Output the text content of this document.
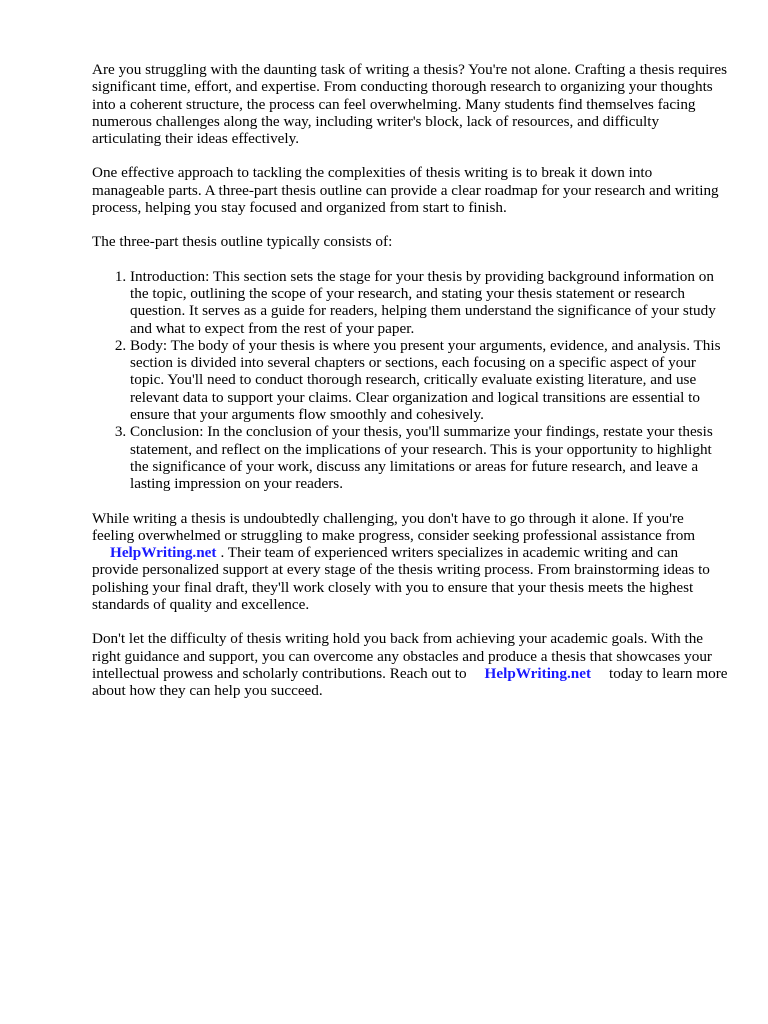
Are you struggling with the daunting task of writing a thesis? You're not alone. Crafting a thesis requires significant time, effort, and expertise. From conducting thorough research to organizing your thoughts into a coherent structure, the process can feel overwhelming. Many students find themselves facing numerous challenges along the way, including writer's block, lack of resources, and difficulty articulating their ideas effectively.

One effective approach to tackling the complexities of thesis writing is to break it down into manageable parts. A three-part thesis outline can provide a clear roadmap for your research and writing process, helping you stay focused and organized from start to finish.

The three-part thesis outline typically consists of:

1. Introduction: This section sets the stage for your thesis by providing background information on the topic, outlining the scope of your research, and stating your thesis statement or research question. It serves as a guide for readers, helping them understand the significance of your study and what to expect from the rest of your paper.
2. Body: The body of your thesis is where you present your arguments, evidence, and analysis. This section is divided into several chapters or sections, each focusing on a specific aspect of your topic. You'll need to conduct thorough research, critically evaluate existing literature, and use relevant data to support your claims. Clear organization and logical transitions are essential to ensure that your arguments flow smoothly and cohesively.
3. Conclusion: In the conclusion of your thesis, you'll summarize your findings, restate your thesis statement, and reflect on the implications of your research. This is your opportunity to highlight the significance of your work, discuss any limitations or areas for future research, and leave a lasting impression on your readers.

While writing a thesis is undoubtedly challenging, you don't have to go through it alone. If you're feeling overwhelmed or struggling to make progress, consider seeking professional assistance from
HelpWriting.net . Their team of experienced writers specializes in academic writing and can provide personalized support at every stage of the thesis writing process. From brainstorming ideas to polishing your final draft, they'll work closely with you to ensure that your thesis meets the highest standards of quality and excellence.

Don't let the difficulty of thesis writing hold you back from achieving your academic goals. With the right guidance and support, you can overcome any obstacles and produce a thesis that showcases your intellectual prowess and scholarly contributions. Reach out to HelpWriting.net today to learn more about how they can help you succeed.
